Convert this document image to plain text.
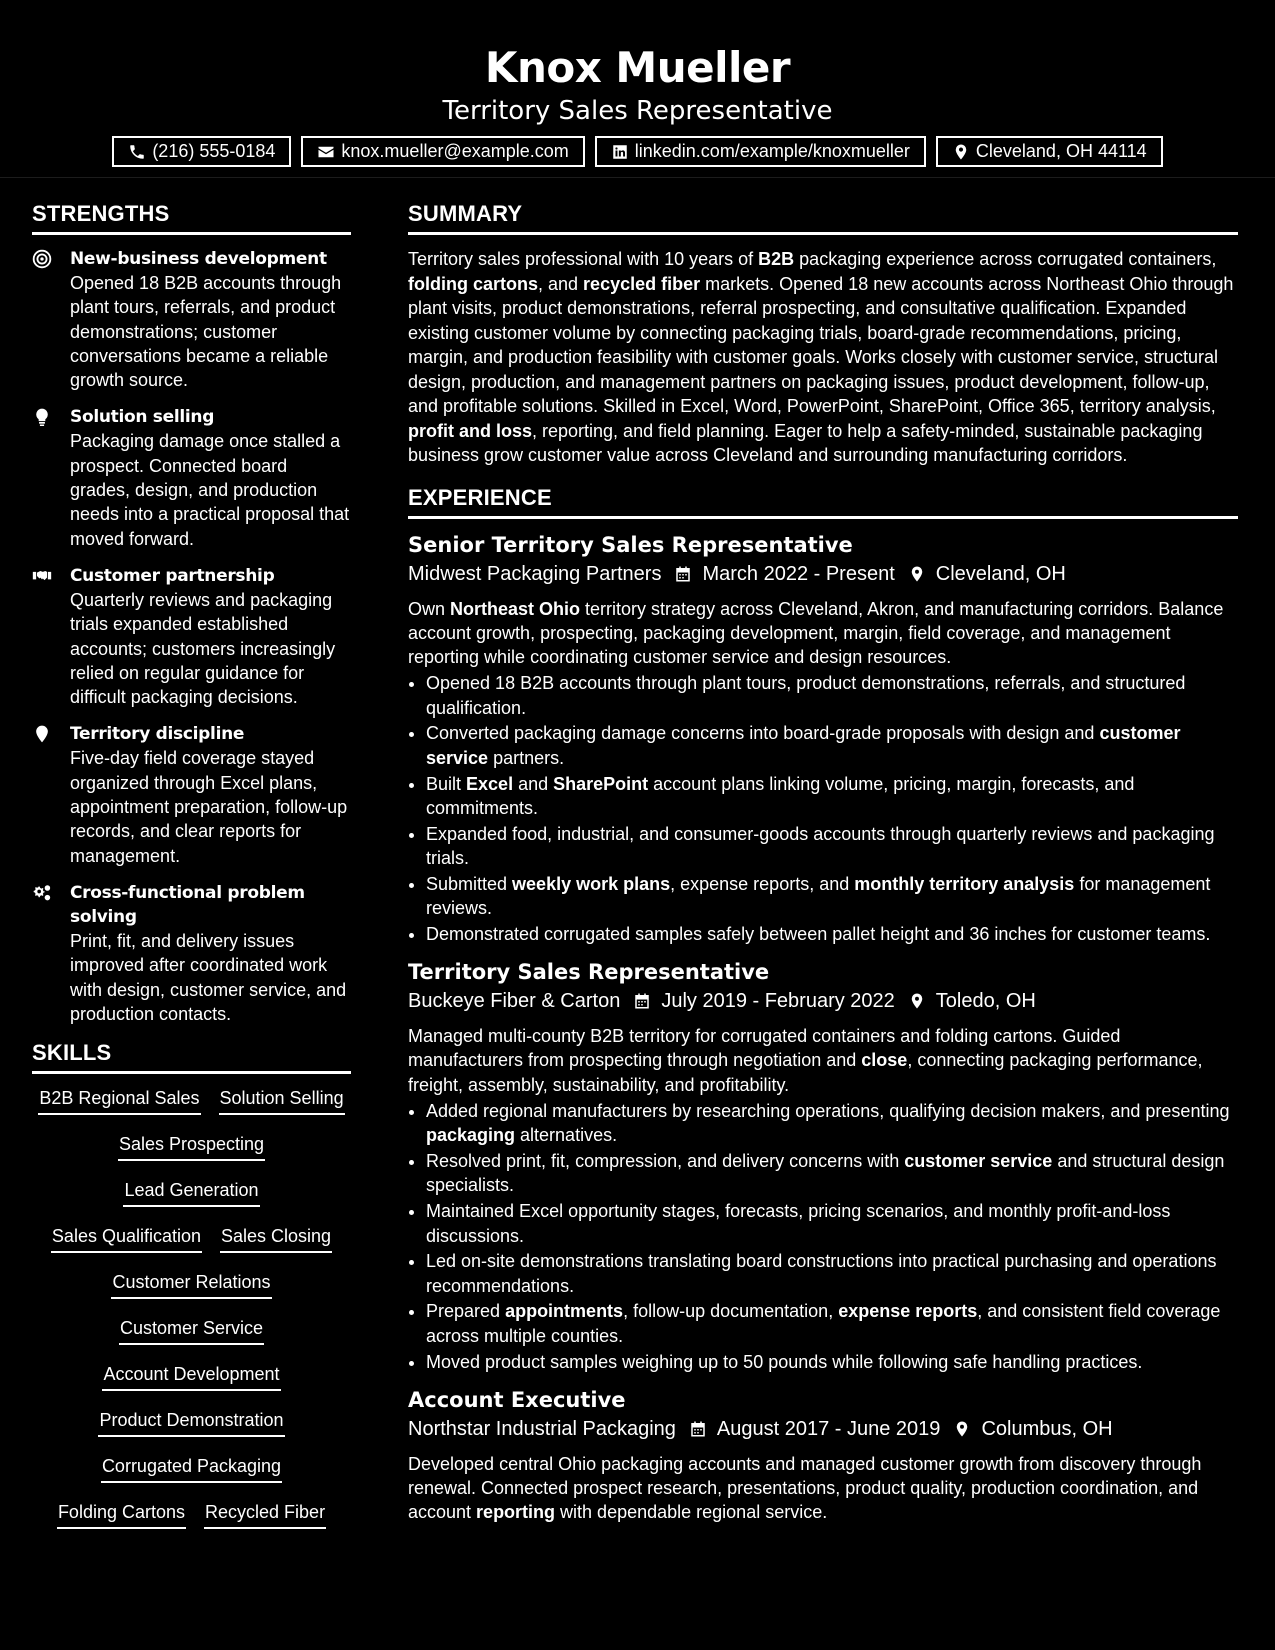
Knox Mueller
Territory Sales Representative
(216) 555-0184	knox.mueller@example.com	linkedin.com/example/knoxmueller	Cleveland, OH 44114
STRENGTHS
New-business development
Opened 18 B2B accounts through plant tours, referrals, and product demonstrations; customer conversations became a reliable growth source.
Solution selling
Packaging damage once stalled a prospect. Connected board grades, design, and production needs into a practical proposal that moved forward.
Customer partnership
Quarterly reviews and packaging trials expanded established accounts; customers increasingly relied on regular guidance for difficult packaging decisions.
Territory discipline
Five-day field coverage stayed organized through Excel plans, appointment preparation, follow-up records, and clear reports for management.
Cross-functional problem solving
Print, fit, and delivery issues improved after coordinated work with design, customer service, and production contacts.
SKILLS
B2B Regional Sales Solution Selling
Sales Prospecting
Lead Generation
Sales Qualification Sales Closing
Customer Relations
Customer Service
Account Development
Product Demonstration
Corrugated Packaging
Folding Cartons Recycled Fiber
SUMMARY

Territory sales professional with 10 years of B2B packaging experience across corrugated containers, folding cartons, and recycled fiber markets. Opened 18 new accounts across Northeast Ohio through plant visits, product demonstrations, referral prospecting, and consultative qualification. Expanded existing customer volume by connecting packaging trials, board-grade recommendations, pricing, margin, and production feasibility with customer goals. Works closely with customer service, structural design, production, and management partners on packaging issues, product development, follow-up, and profitable solutions. Skilled in Excel, Word, PowerPoint, SharePoint, Office 365, territory analysis, profit and loss, reporting, and field planning. Eager to help a safety-minded, sustainable packaging business grow customer value across Cleveland and surrounding manufacturing corridors.

EXPERIENCE
Senior Territory Sales Representative
Midwest Packaging Partners March 2022 - Present Cleveland, OH
Own Northeast Ohio territory strategy across Cleveland, Akron, and manufacturing corridors. Balance account growth, prospecting, packaging development, margin, field coverage, and management reporting while coordinating customer service and design resources.
• Opened 18 B2B accounts through plant tours, product demonstrations, referrals, and structured qualification.
• Converted packaging damage concerns into board-grade proposals with design and customer service partners.
• Built Excel and SharePoint account plans linking volume, pricing, margin, forecasts, and commitments.
• Expanded food, industrial, and consumer-goods accounts through quarterly reviews and packaging trials.
• Submitted weekly work plans, expense reports, and monthly territory analysis for management reviews.
• Demonstrated corrugated samples safely between pallet height and 36 inches for customer teams.
Territory Sales Representative
Buckeye Fiber & Carton July 2019 - February 2022 Toledo, OH
Managed multi-county B2B territory for corrugated containers and folding cartons. Guided manufacturers from prospecting through negotiation and close, connecting packaging performance, freight, assembly, sustainability, and profitability.
• Added regional manufacturers by researching operations, qualifying decision makers, and presenting packaging alternatives.
• Resolved print, fit, compression, and delivery concerns with customer service and structural design specialists.
• Maintained Excel opportunity stages, forecasts, pricing scenarios, and monthly profit-and-loss discussions.
• Led on-site demonstrations translating board constructions into practical purchasing and operations recommendations.
• Prepared appointments, follow-up documentation, expense reports, and consistent field coverage across multiple counties.
• Moved product samples weighing up to 50 pounds while following safe handling practices.
Account Executive
Northstar Industrial Packaging August 2017 - June 2019 Columbus, OH
Developed central Ohio packaging accounts and managed customer growth from discovery through renewal. Connected prospect research, presentations, product quality, production coordination, and account reporting with dependable regional service.
